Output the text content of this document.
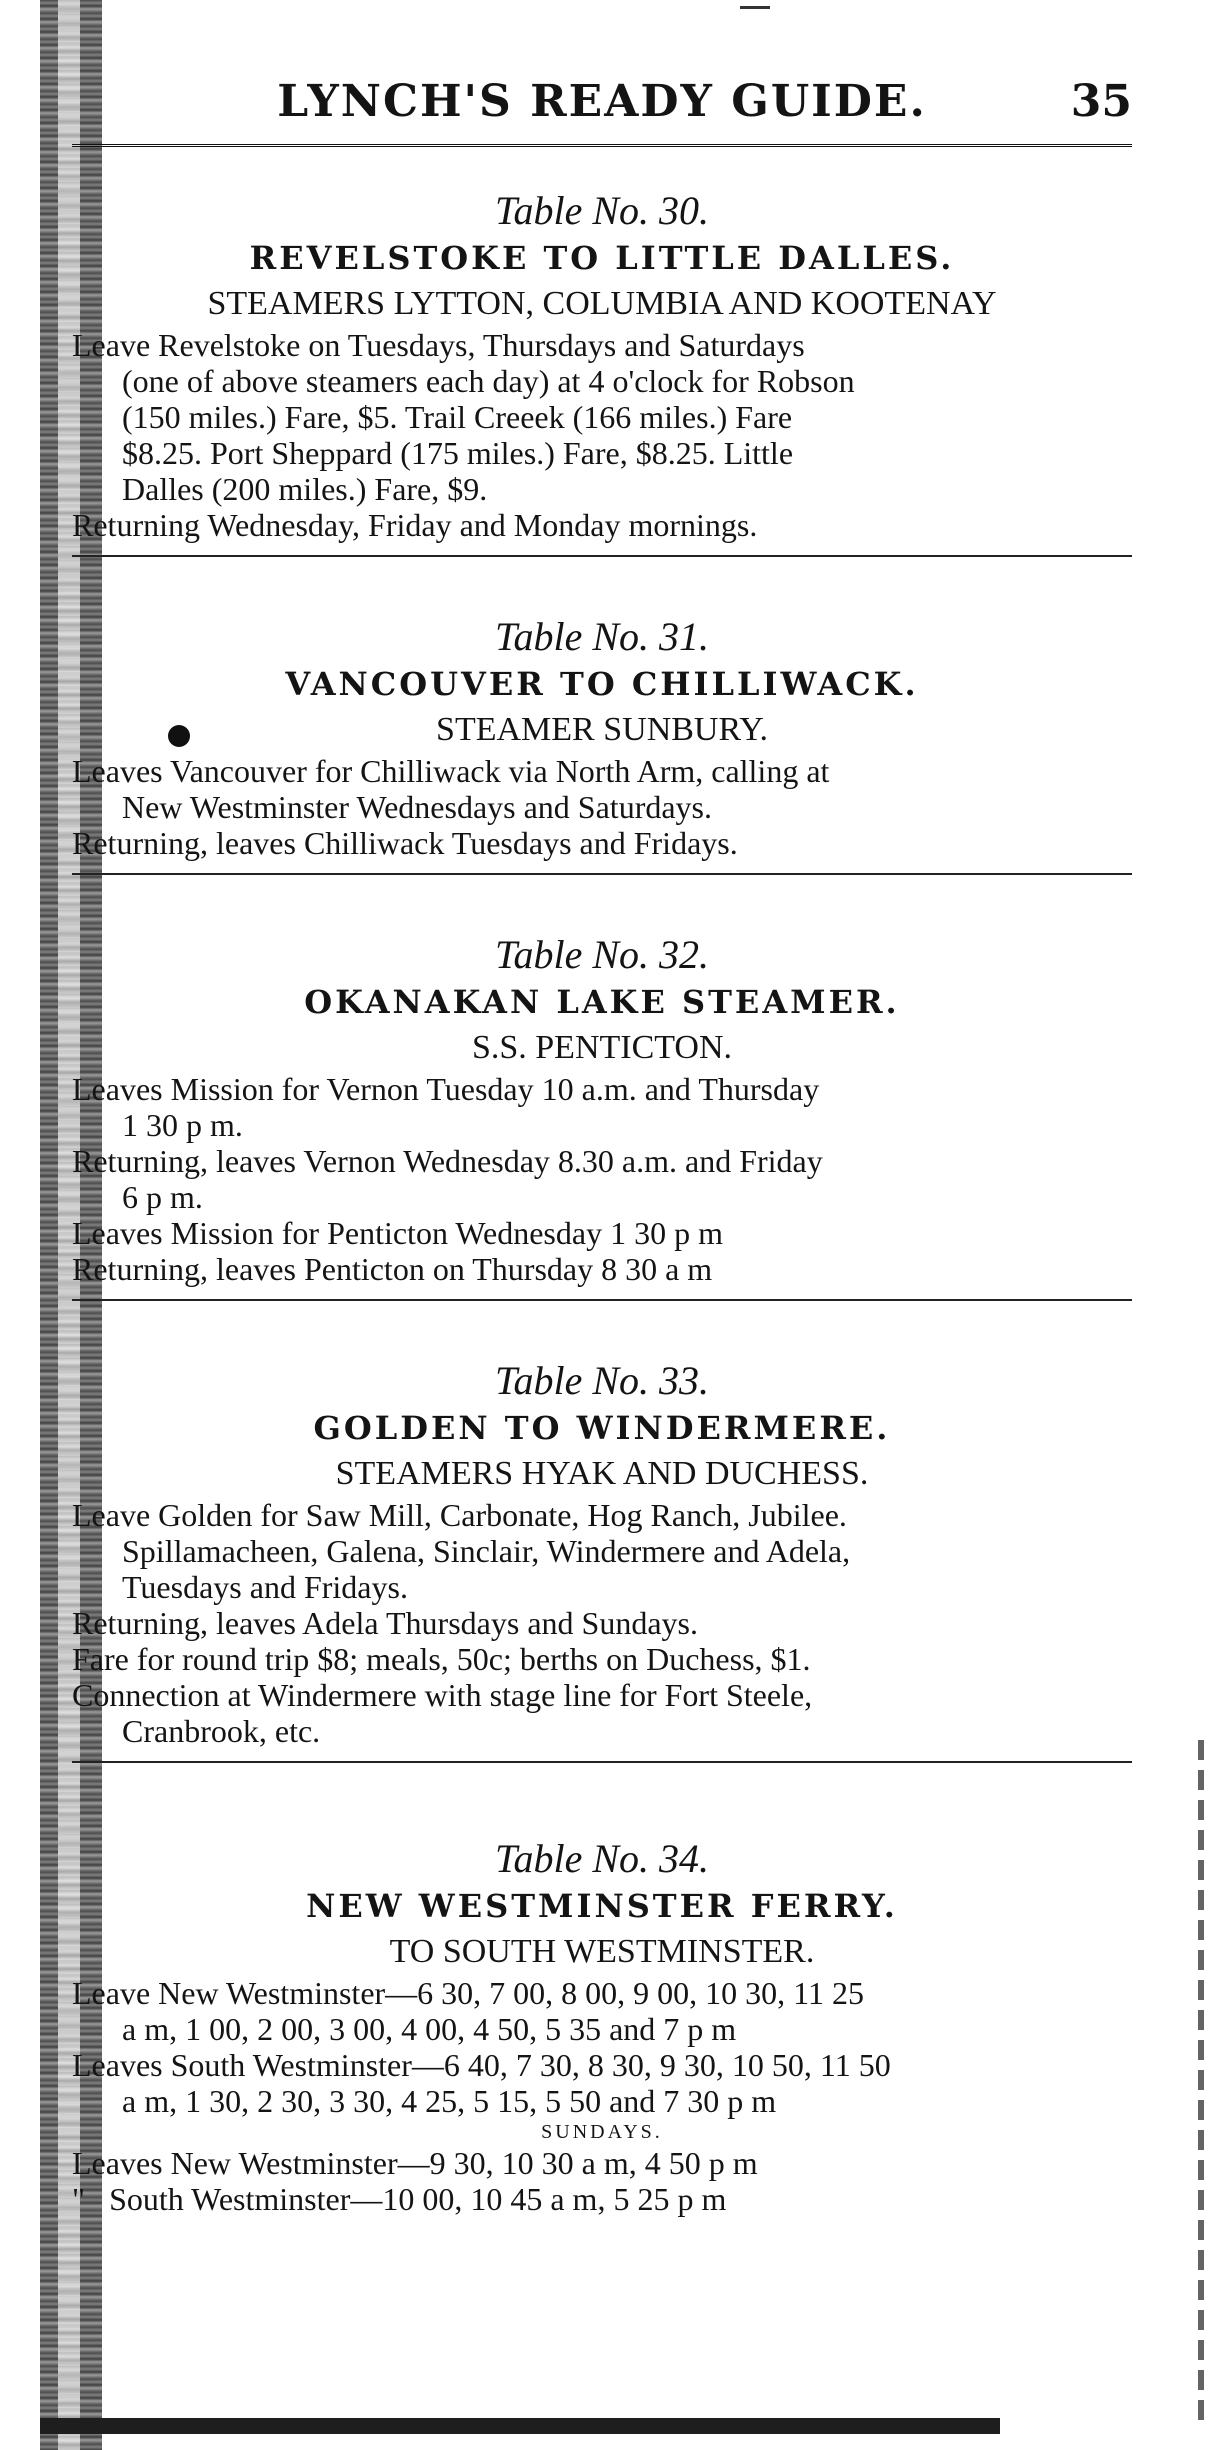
LYNCH'S READY GUIDE.	35
Table No. 30.
REVELSTOKE TO LITTLE DALLES.
STEAMERS LYTTON, COLUMBIA AND KOOTENAY

Leave Revelstoke on Tuesdays, Thursdays and Saturdays

(one of above steamers each day) at 4 o'clock for Robson

(150 miles.) Fare, $5. Trail Creeek (166 miles.) Fare

$8.25. Port Sheppard (175 miles.) Fare, $8.25. Little

Dalles (200 miles.) Fare, $9.

Returning Wednesday, Friday and Monday mornings.

Table No. 31.
VANCOUVER TO CHILLIWACK.
STEAMER SUNBURY.

Leaves Vancouver for Chilliwack via North Arm, calling at

New Westminster Wednesdays and Saturdays.

Returning, leaves Chilliwack Tuesdays and Fridays.

Table No. 32.
OKANAKAN LAKE STEAMER.
S.S. PENTICTON.

Leaves Mission for Vernon Tuesday 10 a.m. and Thursday

1 30 p m.

Returning, leaves Vernon Wednesday 8.30 a.m. and Friday

6 p m.

Leaves Mission for Penticton Wednesday 1 30 p m

Returning, leaves Penticton on Thursday 8 30 a m

Table No. 33.
GOLDEN TO WINDERMERE.
STEAMERS HYAK AND DUCHESS.

Leave Golden for Saw Mill, Carbonate, Hog Ranch, Jubilee.

Spillamacheen, Galena, Sinclair, Windermere and Adela,

Tuesdays and Fridays.

Returning, leaves Adela Thursdays and Sundays.

Fare for round trip $8; meals, 50c; berths on Duchess, $1.

Connection at Windermere with stage line for Fort Steele,

Cranbrook, etc.

Table No. 34.
NEW WESTMINSTER FERRY.
TO SOUTH WESTMINSTER.

Leave New Westminster—6 30, 7 00, 8 00, 9 00, 10 30, 11 25

a m, 1 00, 2 00, 3 00, 4 00, 4 50, 5 35 and 7 p m

Leaves South Westminster—6 40, 7 30, 8 30, 9 30, 10 50, 11 50

a m, 1 30, 2 30, 3 30, 4 25, 5 15, 5 50 and 7 30 p m

SUNDAYS.

Leaves New Westminster—9 30, 10 30 a m, 4 50 p m

"   South Westminster—10 00, 10 45 a m, 5 25 p m
